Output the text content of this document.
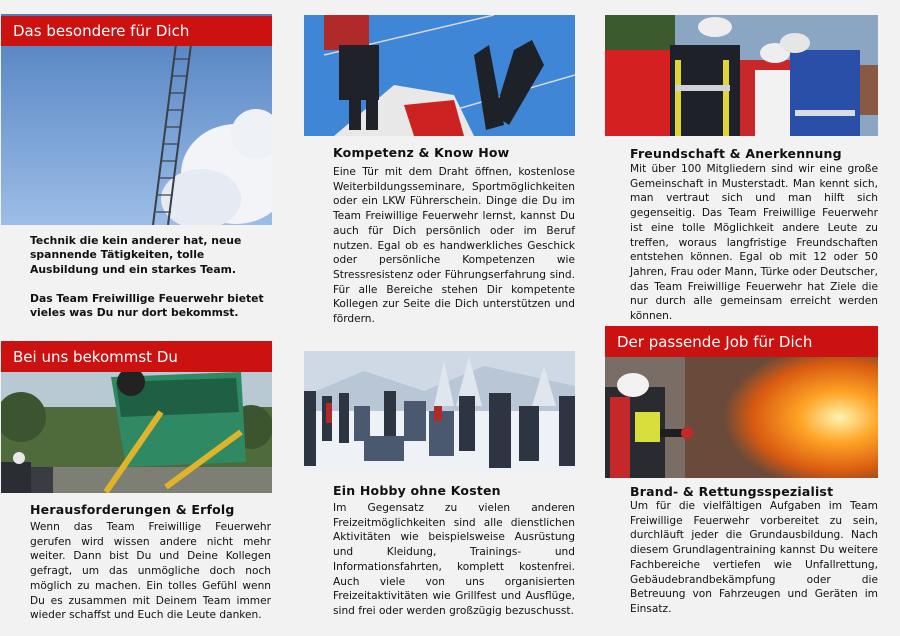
Das besondere für Dich

Technik die kein anderer hat, neue spannende Tätigkeiten, tolle Ausbildung und ein starkes Team.

Das Team Freiwillige Feuerwehr bietet vieles was Du nur dort bekommst.

Bei uns bekommst Du
Herausforderungen & Erfolg
Wenn das Team Freiwillige Feuerwehr gerufen wird wissen andere nicht mehr weiter. Dann bist Du und Deine Kollegen gefragt, um das unmögliche doch noch möglich zu machen. Ein tolles Gefühl wenn Du es zusammen mit Deinem Team immer wieder schaffst und Euch die Leute danken.
Kompetenz & Know How
Eine Tür mit dem Draht öffnen, kostenlose Weiterbildungsseminare, Sportmöglichkeiten oder ein LKW Führerschein. Dinge die Du im Team Freiwillige Feuerwehr lernst, kannst Du auch für Dich persönlich oder im Beruf nutzen. Egal ob es handwerkliches Geschick oder persönliche Kompetenzen wie Stressresistenz oder Führungserfahrung sind. Für alle Bereiche stehen Dir kompetente Kollegen zur Seite die Dich unterstützen und fördern.
Ein Hobby ohne Kosten
Im Gegensatz zu vielen anderen Freizeitmöglichkeiten sind alle dienstlichen Aktivitäten wie beispielsweise Ausrüstung und Kleidung, Trainings- und Informationsfahrten, komplett kostenfrei. Auch viele von uns organisierten Freizeitaktivitäten wie Grillfest und Ausflüge, sind frei oder werden großzügig bezuschusst.
Freundschaft & Anerkennung
Mit über 100 Mitgliedern sind wir eine große Gemeinschaft in Musterstadt. Man kennt sich, man vertraut sich und man hilft sich gegenseitig. Das Team Freiwillige Feuerwehr ist eine tolle Möglichkeit andere Leute zu treffen, woraus langfristige Freundschaften entstehen können. Egal ob mit 12 oder 50 Jahren, Frau oder Mann, Türke oder Deutscher, das Team Freiwillige Feuerwehr hat Ziele die nur durch alle gemeinsam erreicht werden können.
Der passende Job für Dich
Brand- & Rettungsspezialist
Um für die vielfältigen Aufgaben im Team Freiwillige Feuerwehr vorbereitet zu sein, durchläuft jeder die Grundausbildung. Nach diesem Grundlagentraining kannst Du weitere Fachbereiche vertiefen wie Unfallrettung, Gebäudebrandbekämpfung oder die Betreuung von Fahrzeugen und Geräten im Einsatz.
